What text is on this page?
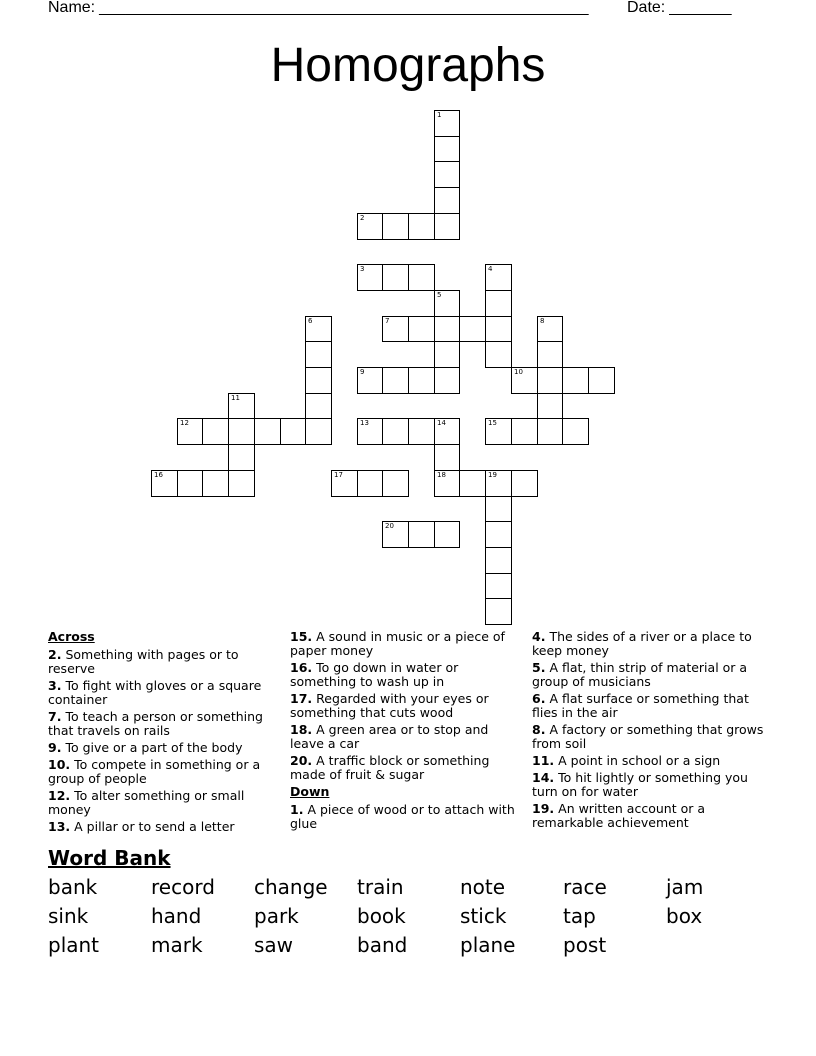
Name: _______________________________________________________ Date: _______
Homographs
1
2
3	4
5
6	7	8
9	10
11
12	13	14
18
15
16	17	19
20
Across
2. Something with pages or to reserve
3. To fight with gloves or a square container
7. To teach a person or something that travels on rails
9. To give or a part of the body
10. To compete in something or a group of people
12. To alter something or small money
13. A pillar or to send a letter
15. A sound in music or a piece of paper money
16. To go down in water or something to wash up in
17. Regarded with your eyes or something that cuts wood
18. A green area or to stop and leave a car
20. A traffic block or something made of fruit & sugar
Down
1. A piece of wood or to attach with glue
4. The sides of a river or a place to keep money
5. A flat, thin strip of material or a group of musicians
6. A flat surface or something that flies in the air
8. A factory or something that grows from soil
11. A point in school or a sign
14. To hit lightly or something you turn on for water
19. An written account or a remarkable achievement
Word Bank
bank	record	change	train	note	race	jam
sink	hand	park	book	stick	tap	box
plant	mark	saw	band	plane	post
